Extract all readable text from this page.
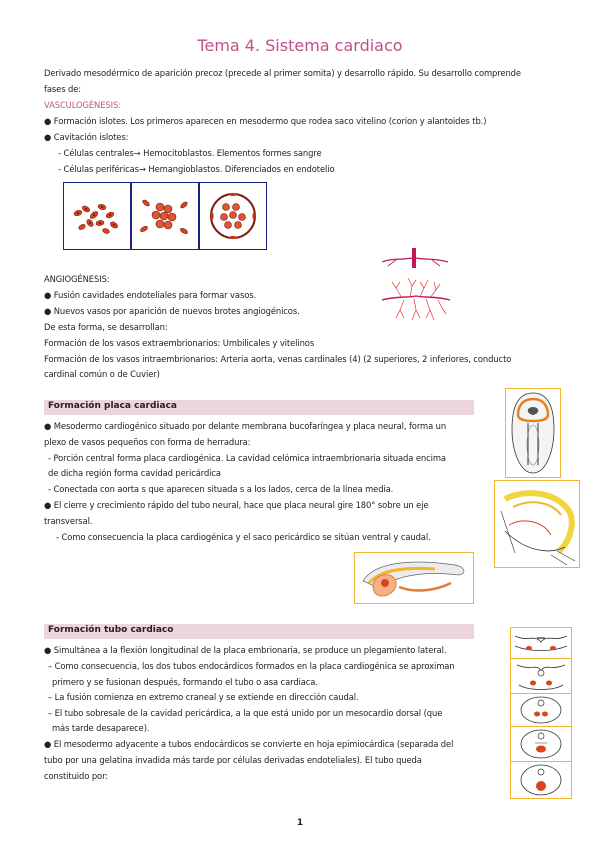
Tema 4. Sistema cardiaco
Derivado mesodérmico de aparición precoz (precede al primer somita) y desarrollo rápido. Su desarrollo comprende
fases de:
VASCULOGÉNESIS:
● Formación islotes. Los primeros aparecen en mesodermo que rodea saco vitelino (corion y alantoides tb.)
● Cavitación islotes:
- Células centrales→ Hemocitoblastos. Elementos formes sangre
- Células periféricas→ Hemangioblastos. Diferenciados en endotelio
ANGIOGÉNESIS:
● Fusión cavidades endoteliales para formar vasos.
● Nuevos vasos por aparición de nuevos brotes angiogénicos.
De esta forma, se desarrollan:
Formación de los vasos extraembrionarios: Umbilicales y vitelinos
Formación de los vasos intraembrionarios: Arteria aorta, venas cardinales (4) (2 superiores, 2 inferiores, conducto
cardinal común o de Cuvier)
Formación placa cardiaca
● Mesodermo cardiogénico situado por delante membrana bucofaríngea y placa neural, forma un
plexo de vasos pequeños con forma de herradura:
- Porción central forma placa cardiogénica. La cavidad celómica intraembrionaria situada encima
de dicha región forma cavidad pericárdica
- Conectada con aorta s que aparecen situada s a los lados, cerca de la línea media.
● El cierre y crecimiento rápido del tubo neural, hace que placa neural gire 180° sobre un eje
transversal.
- Como consecuencia la placa cardiogénica y el saco pericárdico se sitúan ventral y caudal.
Formación tubo cardiaco
● Simultánea a la flexión longitudinal de la placa embrionaria, se produce un plegamiento lateral.
– Como consecuencia, los dos tubos endocárdicos formados en la placa cardiogénica se aproximan
primero y se fusionan después, formando el tubo o asa cardiaca.
– La fusión comienza en extremo craneal y se extiende en dirección caudal.
– El tubo sobresale de la cavidad pericárdica, a la que está unido por un mesocardio dorsal (que
más tarde desaparece).
● El mesodermo adyacente a tubos endocárdicos se convierte en hoja epimiocárdica (separada del
tubo por una gelatina invadida más tarde por células derivadas endoteliales). El tubo queda
constituido por:
1
